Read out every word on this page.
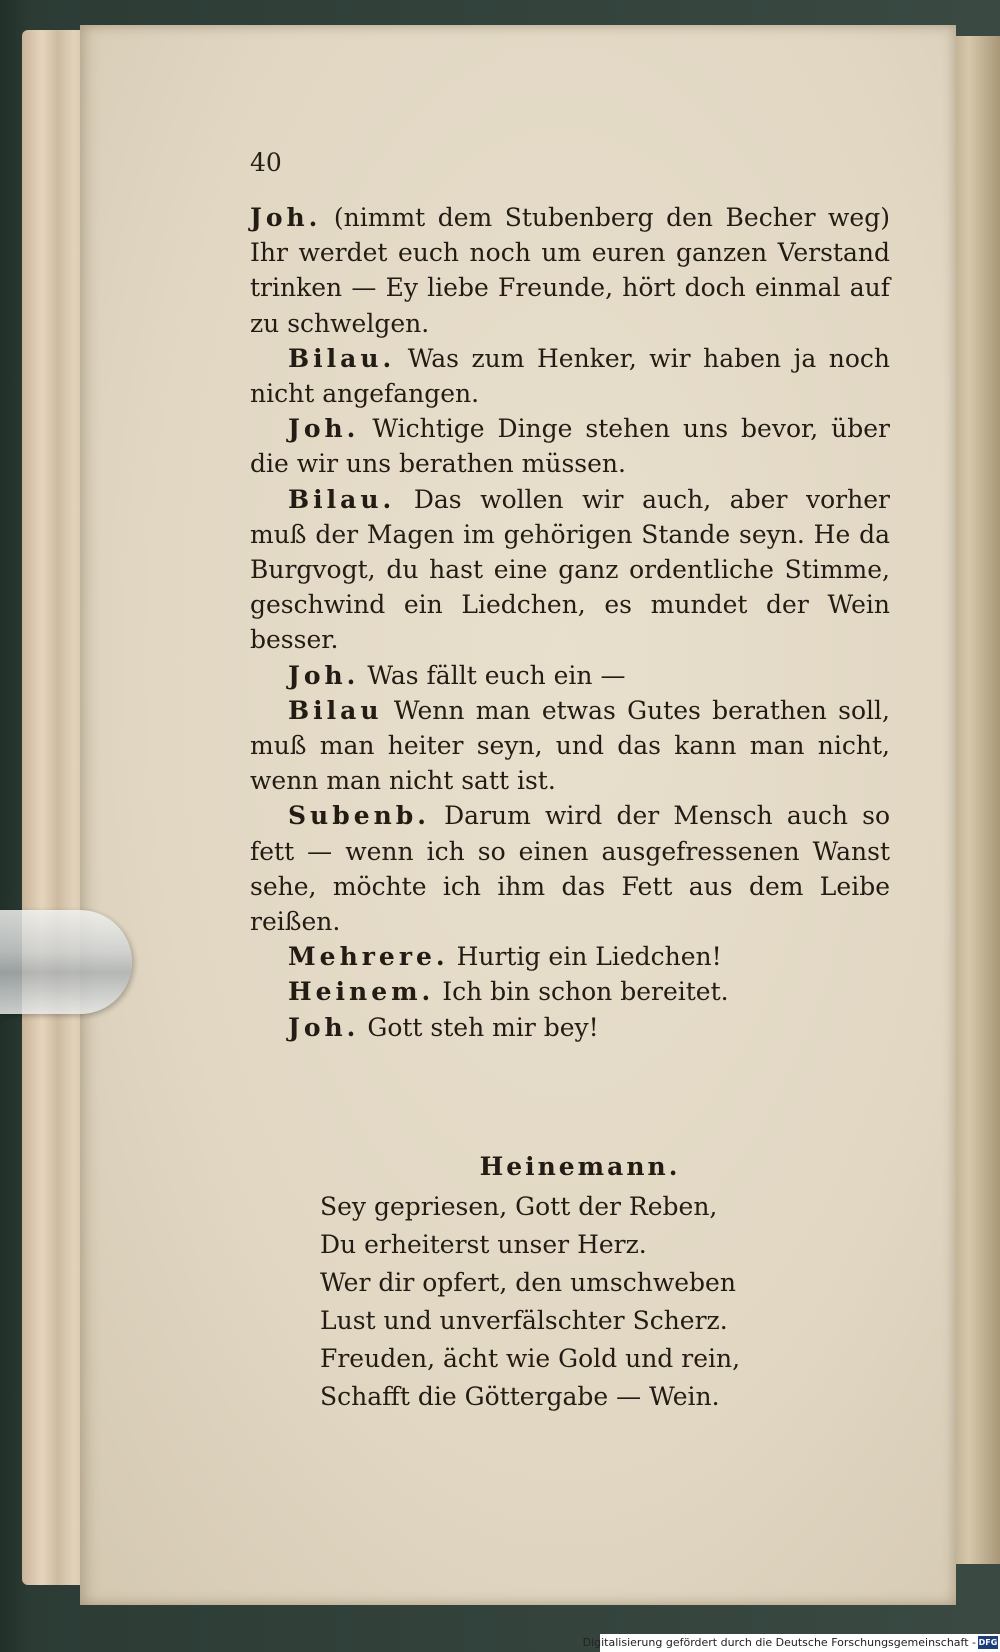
40

Joh. (nimmt dem Stubenberg den Becher weg) Ihr werdet euch noch um euren ganzen Verstand trinken — Ey liebe Freunde, hört doch einmal auf zu schwelgen.

Bilau. Was zum Henker, wir haben ja noch nicht angefangen.

Joh. Wichtige Dinge stehen uns bevor, über die wir uns berathen müssen.

Bilau. Das wollen wir auch, aber vorher muß der Magen im gehörigen Stande seyn. He da Burgvogt, du hast eine ganz ordentliche Stimme, geschwind ein Liedchen, es mundet der Wein besser.

Joh. Was fällt euch ein —

Bilau Wenn man etwas Gutes berathen soll, muß man heiter seyn, und das kann man nicht, wenn man nicht satt ist.

Subenb. Darum wird der Mensch auch so fett — wenn ich so einen ausgefressenen Wanst sehe, möchte ich ihm das Fett aus dem Leibe reißen.

Mehrere. Hurtig ein Liedchen!

Heinem. Ich bin schon bereitet.

Joh. Gott steh mir bey!

Heinemann.

Sey gepriesen, Gott der Reben,

Du erheiterst unser Herz.

Wer dir opfert, den umschweben

Lust und unverfälschter Scherz.

Freuden, ächt wie Gold und rein,

Schafft die Göttergabe — Wein.

Digitalisierung gefördert durch die Deutsche Forschungsgemeinschaft - DFG
